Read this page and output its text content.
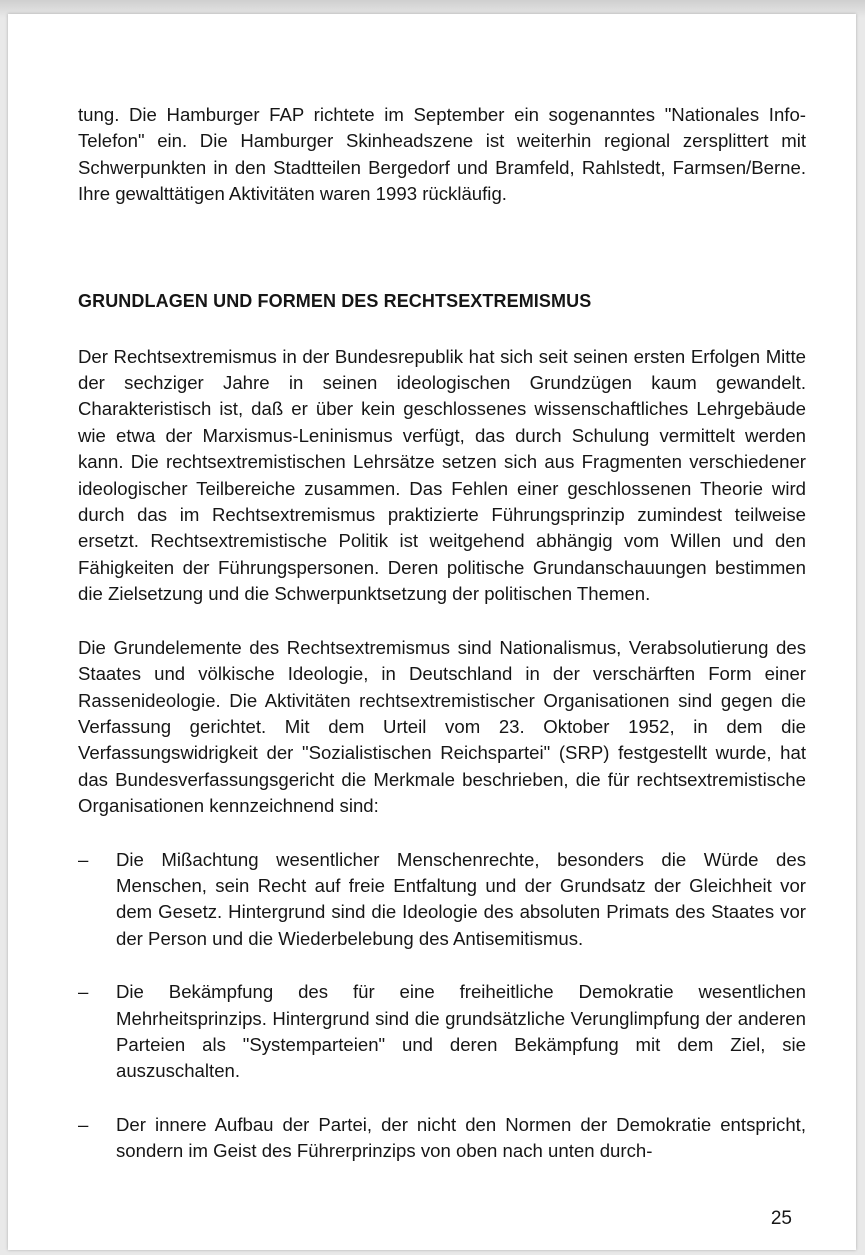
tung. Die Hamburger FAP richtete im September ein sogenanntes "Nationales Info-Telefon" ein. Die Hamburger Skinheadszene ist weiterhin regional zersplittert mit Schwerpunkten in den Stadtteilen Bergedorf und Bramfeld, Rahlstedt, Farmsen/Berne. Ihre gewalttätigen Aktivitäten waren 1993 rückläufig.

GRUNDLAGEN UND FORMEN DES RECHTSEXTREMISMUS

Der Rechtsextremismus in der Bundesrepublik hat sich seit seinen ersten Erfolgen Mitte der sechziger Jahre in seinen ideologischen Grundzügen kaum gewandelt. Charakteristisch ist, daß er über kein geschlossenes wissenschaftliches Lehrgebäude wie etwa der Marxismus-Leninismus verfügt, das durch Schulung vermittelt werden kann. Die rechtsextremistischen Lehrsätze setzen sich aus Fragmenten verschiedener ideologischer Teilbereiche zusammen. Das Fehlen einer geschlossenen Theorie wird durch das im Rechtsextremismus praktizierte Führungsprinzip zumindest teilweise ersetzt. Rechtsextremistische Politik ist weitgehend abhängig vom Willen und den Fähigkeiten der Führungspersonen. Deren politische Grundanschauungen bestimmen die Zielsetzung und die Schwerpunktsetzung der politischen Themen.

Die Grundelemente des Rechtsextremismus sind Nationalismus, Verabsolutierung des Staates und völkische Ideologie, in Deutschland in der verschärften Form einer Rassenideologie. Die Aktivitäten rechtsextremistischer Organisationen sind gegen die Verfassung gerichtet. Mit dem Urteil vom 23. Oktober 1952, in dem die Verfassungswidrigkeit der "Sozialistischen Reichspartei" (SRP) festgestellt wurde, hat das Bundesverfassungsgericht die Merkmale beschrieben, die für rechtsextremistische Organisationen kennzeichnend sind:

–	Die Mißachtung wesentlicher Menschenrechte, besonders die Würde des Menschen, sein Recht auf freie Entfaltung und der Grundsatz der Gleichheit vor dem Gesetz. Hintergrund sind die Ideologie des absoluten Primats des Staates vor der Person und die Wiederbelebung des Antisemitismus.
–	Die Bekämpfung des für eine freiheitliche Demokratie wesentlichen Mehrheitsprinzips. Hintergrund sind die grundsätzliche Verunglimpfung der anderen Parteien als "Systemparteien" und deren Bekämpfung mit dem Ziel, sie auszuschalten.
–	Der innere Aufbau der Partei, der nicht den Normen der Demokratie entspricht, sondern im Geist des Führerprinzips von oben nach unten durch-
25
